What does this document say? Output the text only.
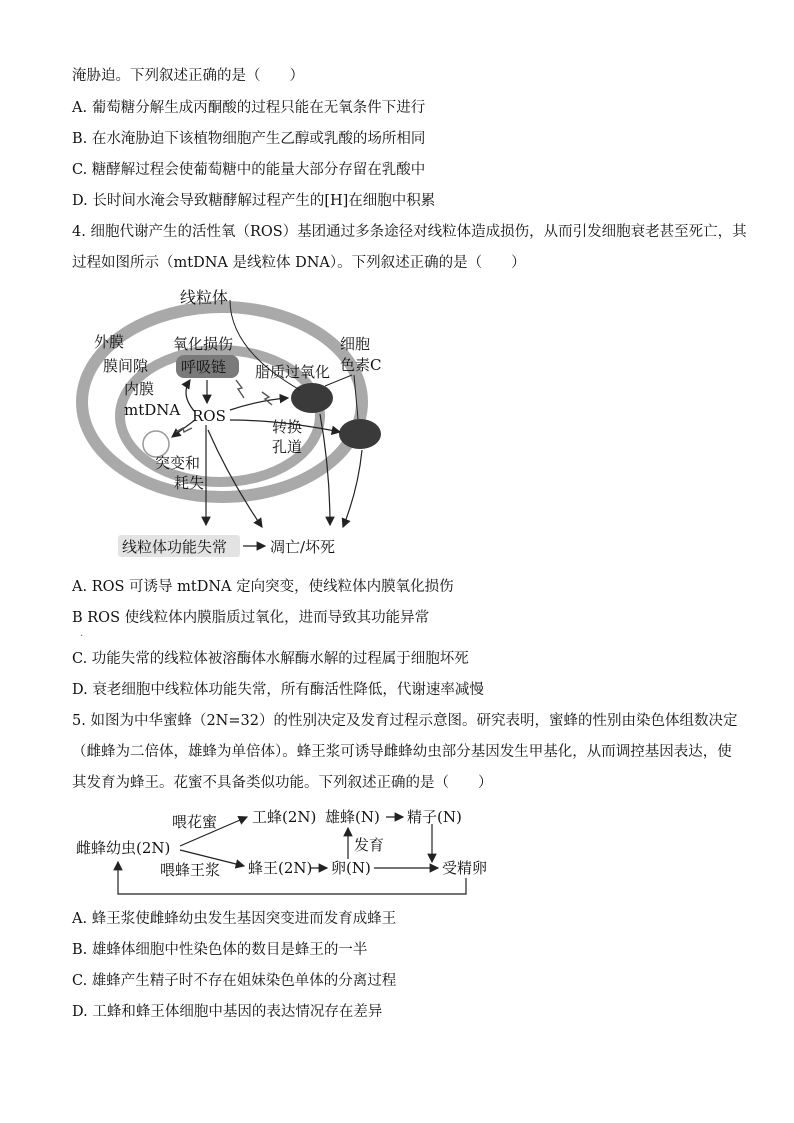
淹胁迫。下列叙述正确的是（　　）
A. 葡萄糖分解生成丙酮酸的过程只能在无氧条件下进行
B. 在水淹胁迫下该植物细胞产生乙醇或乳酸的场所相同
C. 糖酵解过程会使葡萄糖中的能量大部分存留在乳酸中
D. 长时间水淹会导致糖酵解过程产生的[H]在细胞中积累
4. 细胞代谢产生的活性氧（ROS）基团通过多条途径对线粒体造成损伤，从而引发细胞衰老甚至死亡，其
过程如图所示（mtDNA 是线粒体 DNA）。下列叙述正确的是（　　）
线粒体
外膜
膜间隙
内膜
mtDNA
氧化损伤
呼吸链
ROS
脂质过氧化
细胞
色素C
转换
孔道
突变和
耗失
线粒体功能失常	凋亡/坏死
A. ROS 可诱导 mtDNA 定向突变，使线粒体内膜氧化损伤
B ROS 使线粒体内膜脂质过氧化，进而导致其功能异常
.
C. 功能失常的线粒体被溶酶体水解酶水解的过程属于细胞坏死
D. 衰老细胞中线粒体功能失常，所有酶活性降低，代谢速率减慢
5. 如图为中华蜜蜂（2N=32）的性别决定及发育过程示意图。研究表明，蜜蜂的性别由染色体组数决定
（雌蜂为二倍体，雄蜂为单倍体）。蜂王浆可诱导雌蜂幼虫部分基因发生甲基化，从而调控基因表达，使
其发育为蜂王。花蜜不具备类似功能。下列叙述正确的是（　　）
雌蜂幼虫(2N)
喂花蜜
喂蜂王浆
工蜂(2N) 雄蜂(N) 精子(N)
发育
蜂王(2N) 卵(N)	受精卵
A. 蜂王浆使雌蜂幼虫发生基因突变进而发育成蜂王
B. 雄蜂体细胞中性染色体的数目是蜂王的一半
C. 雄蜂产生精子时不存在姐妹染色单体的分离过程
D. 工蜂和蜂王体细胞中基因的表达情况存在差异
